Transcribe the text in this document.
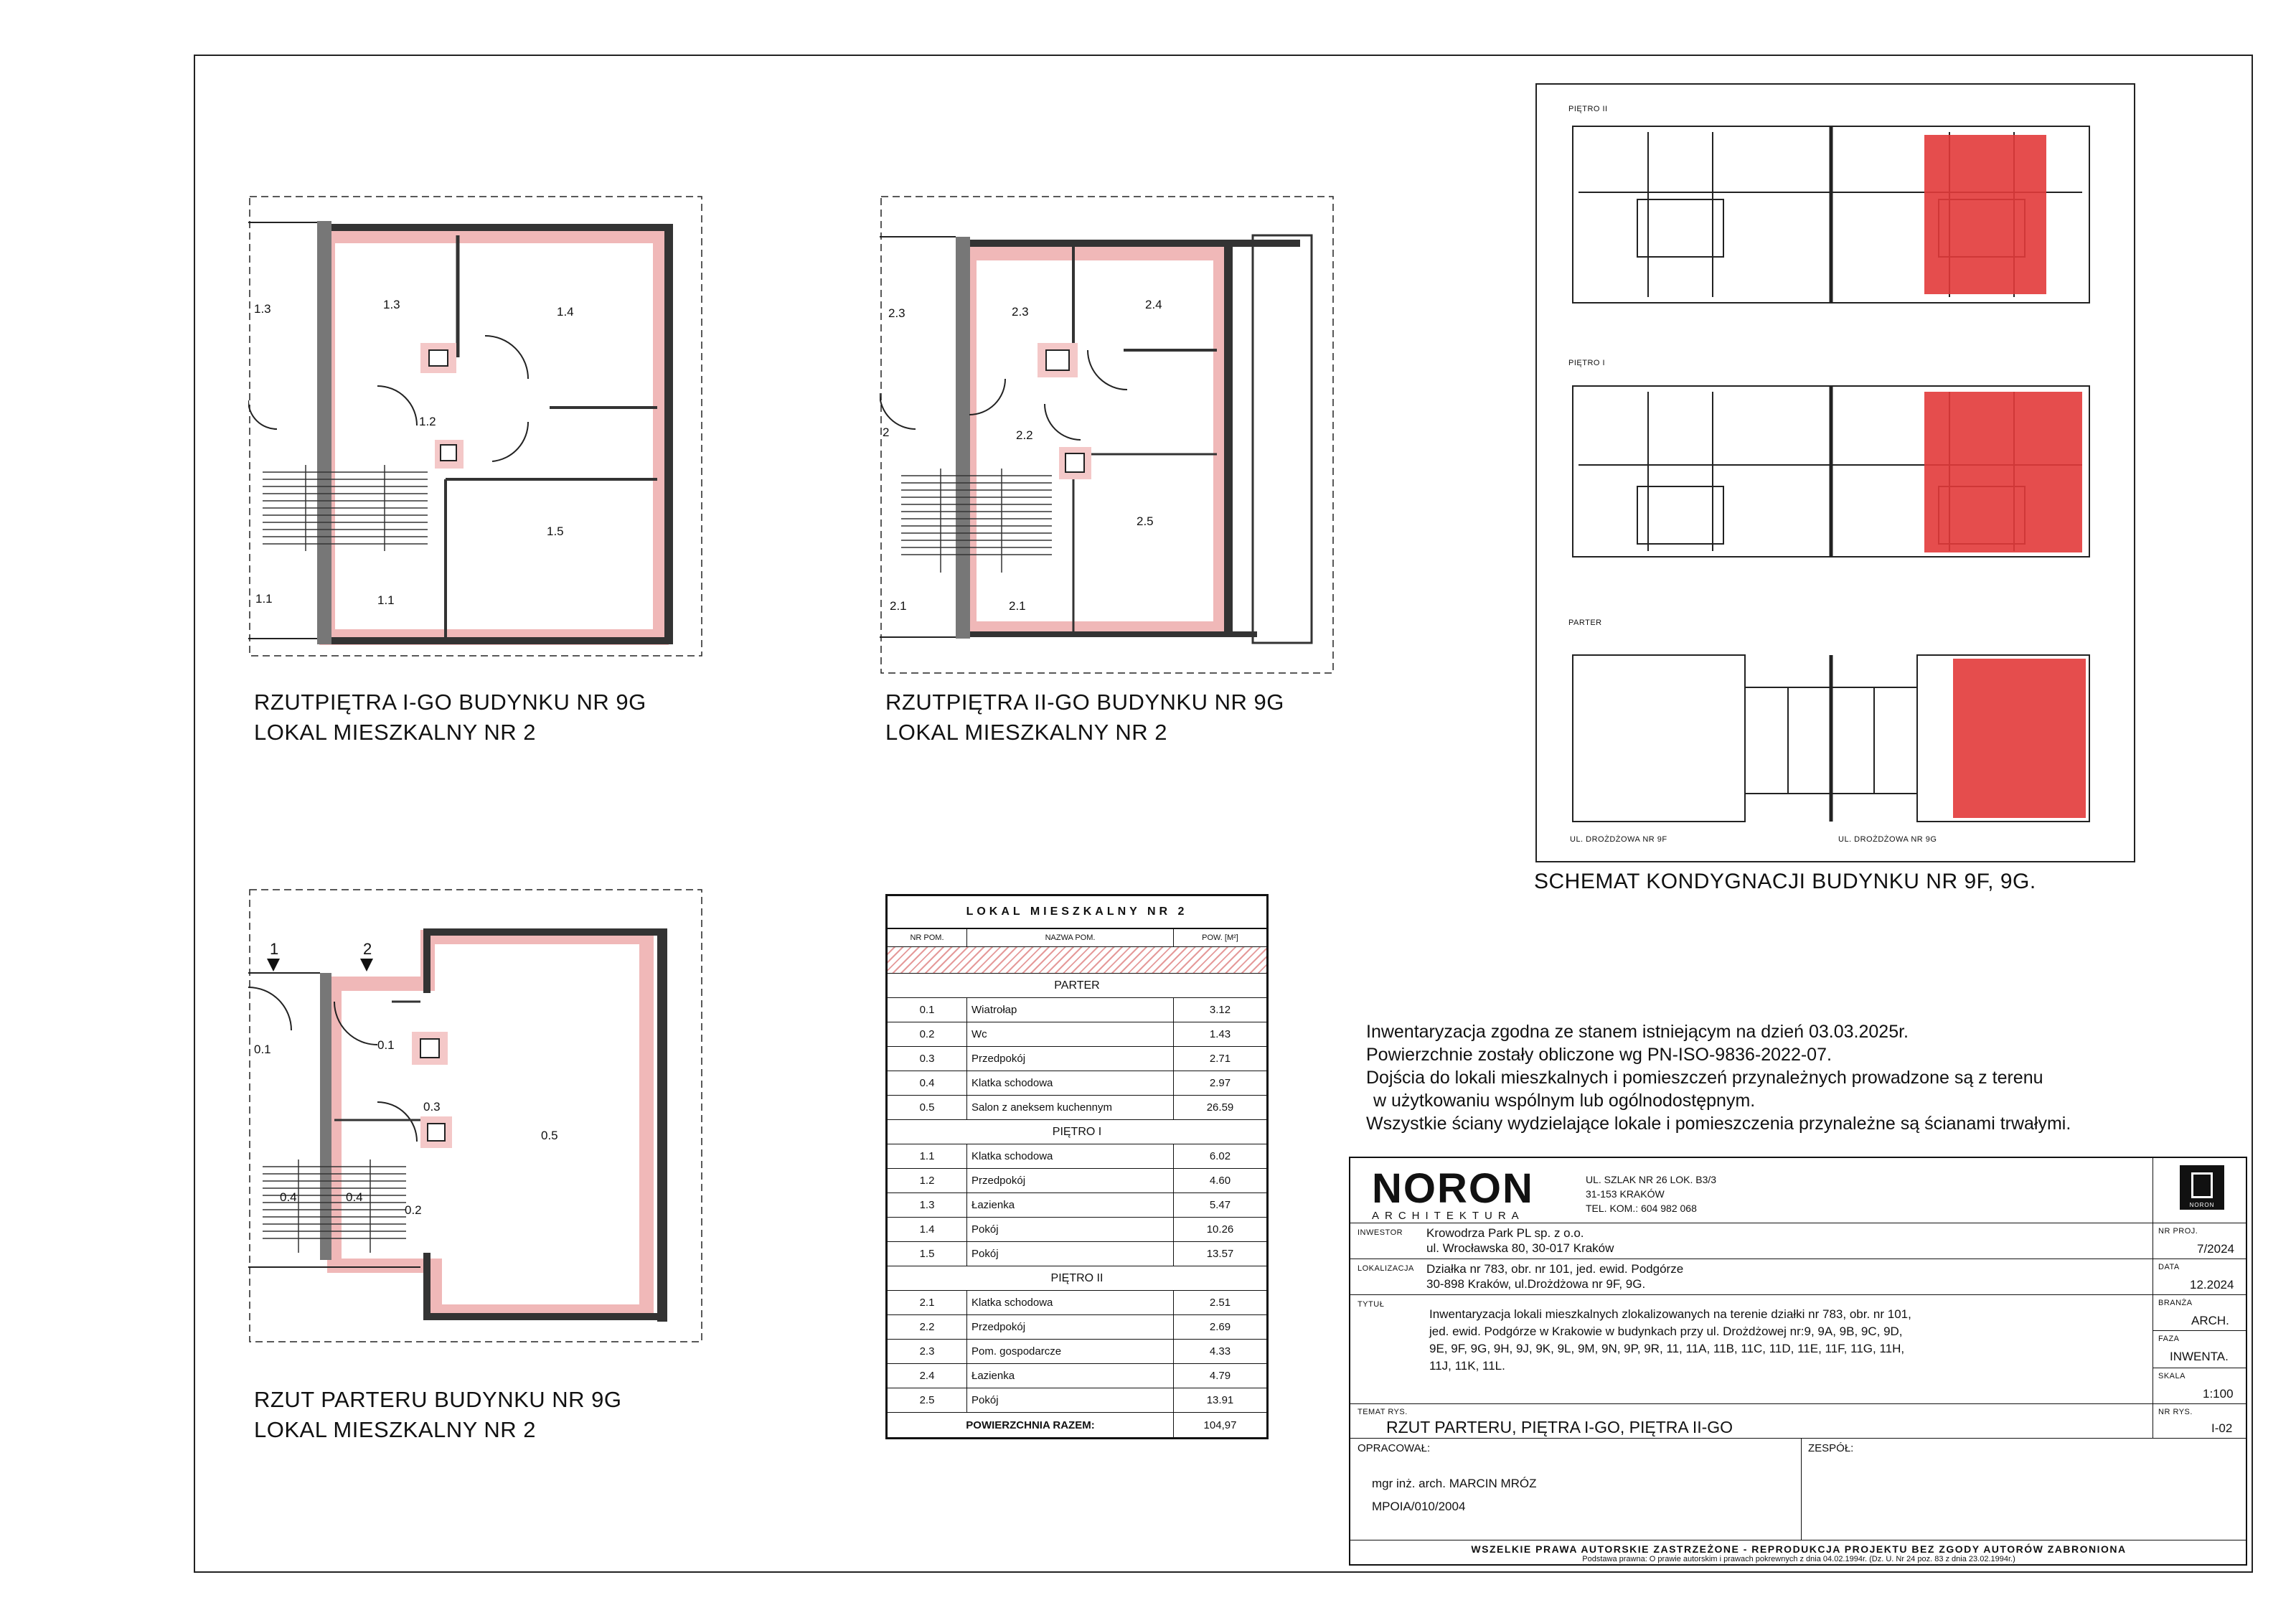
1.3	1.3
1.4
1.2
1.5
1.1	1.1
RZUTPIĘTRA I-GO BUDYNKU NR 9G
LOKAL MIESZKALNY NR 2
2.3	2.3
2.4
2.2
2
2.5
2.1	2.1
RZUTPIĘTRA II-GO BUDYNKU NR 9G
LOKAL MIESZKALNY NR 2
1	2
0.1	0.1
0.3
0.5
0.4	0.4
0.2
RZUT PARTERU BUDYNKU NR 9G
LOKAL MIESZKALNY NR 2
PIĘTRO II
PIĘTRO I
PARTER
UL. DROŻDŻOWA NR 9F	UL. DROŻDŻOWA NR 9G
SCHEMAT KONDYGNACJI BUDYNKU NR 9F, 9G.
LOKAL MIESZKALNY NR 2
NR POM.	NAZWA POM.	POW. [M²]
PARTER
0.1	Wiatrołap	3.12
0.2	Wc	1.43
0.3	Przedpokój	2.71
0.4	Klatka schodowa	2.97
0.5	Salon z aneksem kuchennym	26.59
PIĘTRO I
1.1	Klatka schodowa	6.02
1.2	Przedpokój	4.60
1.3	Łazienka	5.47
1.4	Pokój	10.26
1.5	Pokój	13.57
PIĘTRO II
2.1	Klatka schodowa	2.51
2.2	Przedpokój	2.69
2.3	Pom. gospodarcze	4.33
2.4	Łazienka	4.79
2.5	Pokój	13.91
POWIERZCHNIA RAZEM:	104,97
Inwentaryzacja zgodna ze stanem istniejącym na dzień 03.03.2025r.
Powierzchnie zostały obliczone wg PN-ISO-9836-2022-07.
Dojścia do lokali mieszkalnych i pomieszczeń przynależnych prowadzone są z terenu
w użytkowaniu wspólnym lub ogólnodostępnym.
Wszystkie ściany wydzielające lokale i pomieszczenia przynależne są ścianami trwałymi.
NORON
ARCHITEKTURA
UL. SZLAK NR 26 LOK. B3/3
31-153 KRAKÓW
TEL. KOM.: 604 982 068	NORON
INWESTOR Krowodrza Park PL sp. z o.o.
ul. Wrocławska 80, 30-017 Kraków
NR PROJ.
7/2024
LOKALIZACJA Działka nr 783, obr. nr 101, jed. ewid. Podgórze
30-898 Kraków, ul.Drożdżowa nr 9F, 9G.
DATA
12.2024
TYTUŁ
Inwentaryzacja lokali mieszkalnych zlokalizowanych na terenie działki nr 783, obr. nr 101,
jed. ewid. Podgórze w Krakowie w budynkach przy ul. Drożdżowej nr:9, 9A, 9B, 9C, 9D,
9E, 9F, 9G, 9H, 9J, 9K, 9L, 9M, 9N, 9P, 9R, 11, 11A, 11B, 11C, 11D, 11E, 11F, 11G, 11H,
11J, 11K, 11L.
BRANŻA
ARCH.
FAZA
INWENTA.
SKALA
1:100
TEMAT RYS.
RZUT PARTERU, PIĘTRA I-GO, PIĘTRA II-GO
NR RYS.
I-02
OPRACOWAŁ:
mgr inż. arch. MARCIN MRÓZ
MPOIA/010/2004
ZESPÓŁ:
WSZELKIE PRAWA AUTORSKIE ZASTRZEŻONE - REPRODUKCJA PROJEKTU BEZ ZGODY AUTORÓW ZABRONIONA
Podstawa prawna: O prawie autorskim i prawach pokrewnych z dnia 04.02.1994r. (Dz. U. Nr 24 poz. 83 z dnia 23.02.1994r.)
